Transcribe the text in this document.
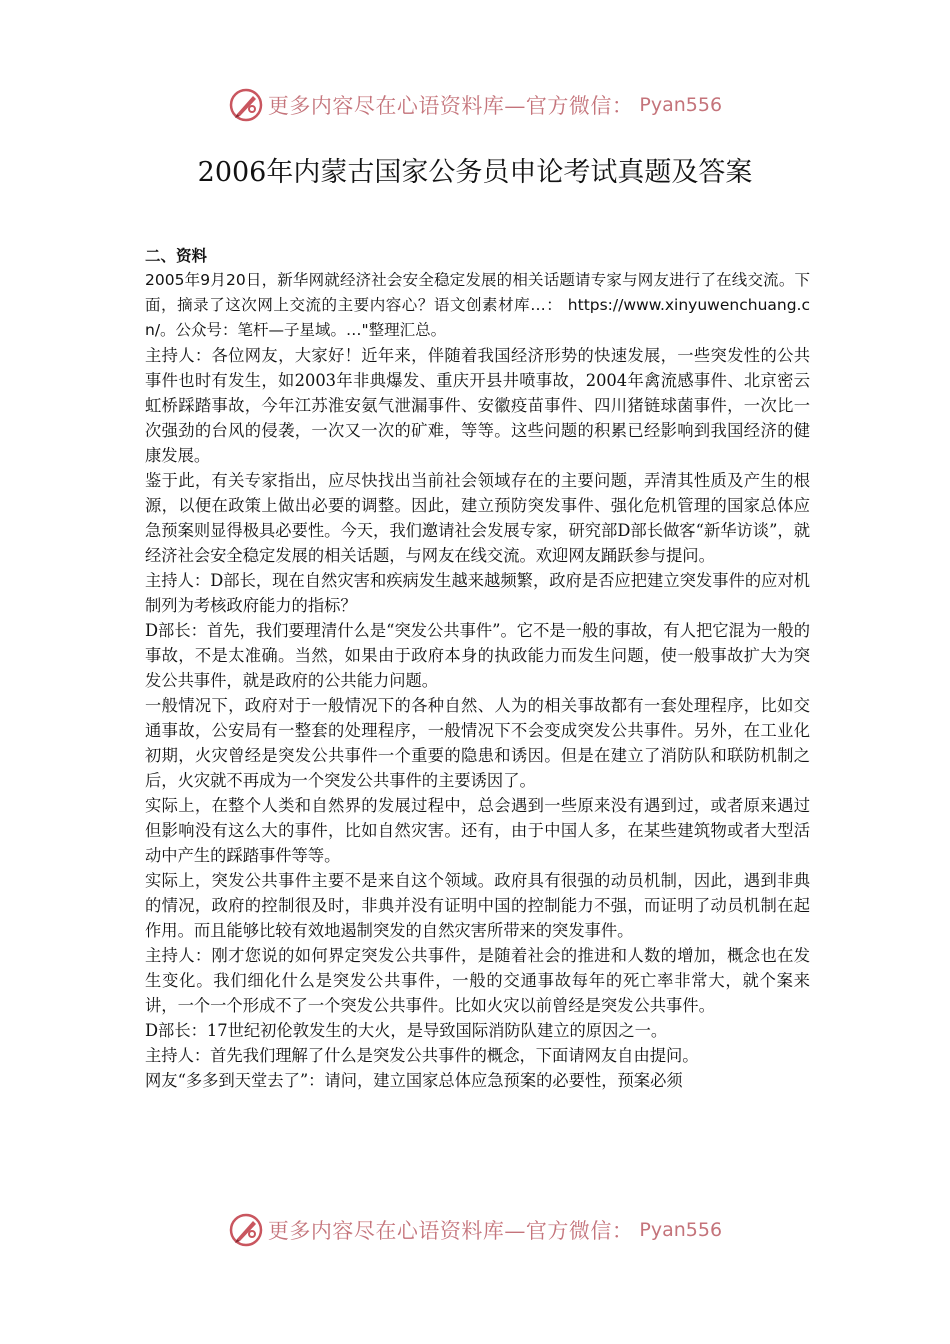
更多内容尽在心语资料库—官方微信： Pyan556
2006年内蒙古国家公务员申论考试真题及答案

二、资料

2005年9月20日，新华网就经济社会安全稳定发展的相关话题请专家与网友进行了在线交流。下面，摘录了这次网上交流的主要内容心？语文创素材库…： https://www.xinyuwenchuang.cn/。公众号：笔杆—子星域。…"整理汇总。

主持人：各位网友，大家好！近年来，伴随着我国经济形势的快速发展，一些突发性的公共事件也时有发生，如2003年非典爆发、重庆开县井喷事故，2004年禽流感事件、北京密云虹桥踩踏事故，今年江苏淮安氨气泄漏事件、安徽疫苗事件、四川猪链球菌事件，一次比一次强劲的台风的侵袭，一次又一次的矿难，等等。这些问题的积累已经影响到我国经济的健康发展。

鉴于此，有关专家指出，应尽快找出当前社会领域存在的主要问题，弄清其性质及产生的根源，以便在政策上做出必要的调整。因此，建立预防突发事件、强化危机管理的国家总体应急预案则显得极具必要性。今天，我们邀请社会发展专家，研究部D部长做客“新华访谈”，就经济社会安全稳定发展的相关话题，与网友在线交流。欢迎网友踊跃参与提问。

主持人：D部长，现在自然灾害和疾病发生越来越频繁，政府是否应把建立突发事件的应对机制列为考核政府能力的指标？

D部长：首先，我们要理清什么是“突发公共事件”。它不是一般的事故，有人把它混为一般的事故，不是太准确。当然，如果由于政府本身的执政能力而发生问题，使一般事故扩大为突发公共事件，就是政府的公共能力问题。

一般情况下，政府对于一般情况下的各种自然、人为的相关事故都有一套处理程序，比如交通事故，公安局有一整套的处理程序，一般情况下不会变成突发公共事件。另外，在工业化初期，火灾曾经是突发公共事件一个重要的隐患和诱因。但是在建立了消防队和联防机制之后，火灾就不再成为一个突发公共事件的主要诱因了。

实际上，在整个人类和自然界的发展过程中，总会遇到一些原来没有遇到过，或者原来遇过但影响没有这么大的事件，比如自然灾害。还有，由于中国人多，在某些建筑物或者大型活动中产生的踩踏事件等等。

实际上，突发公共事件主要不是来自这个领域。政府具有很强的动员机制，因此，遇到非典的情况，政府的控制很及时，非典并没有证明中国的控制能力不强，而证明了动员机制在起作用。而且能够比较有效地遏制突发的自然灾害所带来的突发事件。

主持人：刚才您说的如何界定突发公共事件，是随着社会的推进和人数的增加，概念也在发生变化。我们细化什么是突发公共事件，一般的交通事故每年的死亡率非常大，就个案来讲，一个一个形成不了一个突发公共事件。比如火灾以前曾经是突发公共事件。

D部长：17世纪初伦敦发生的大火，是导致国际消防队建立的原因之一。

主持人：首先我们理解了什么是突发公共事件的概念，下面请网友自由提问。

网友“多多到天堂去了”：请问，建立国家总体应急预案的必要性，预案必须

更多内容尽在心语资料库—官方微信： Pyan556
